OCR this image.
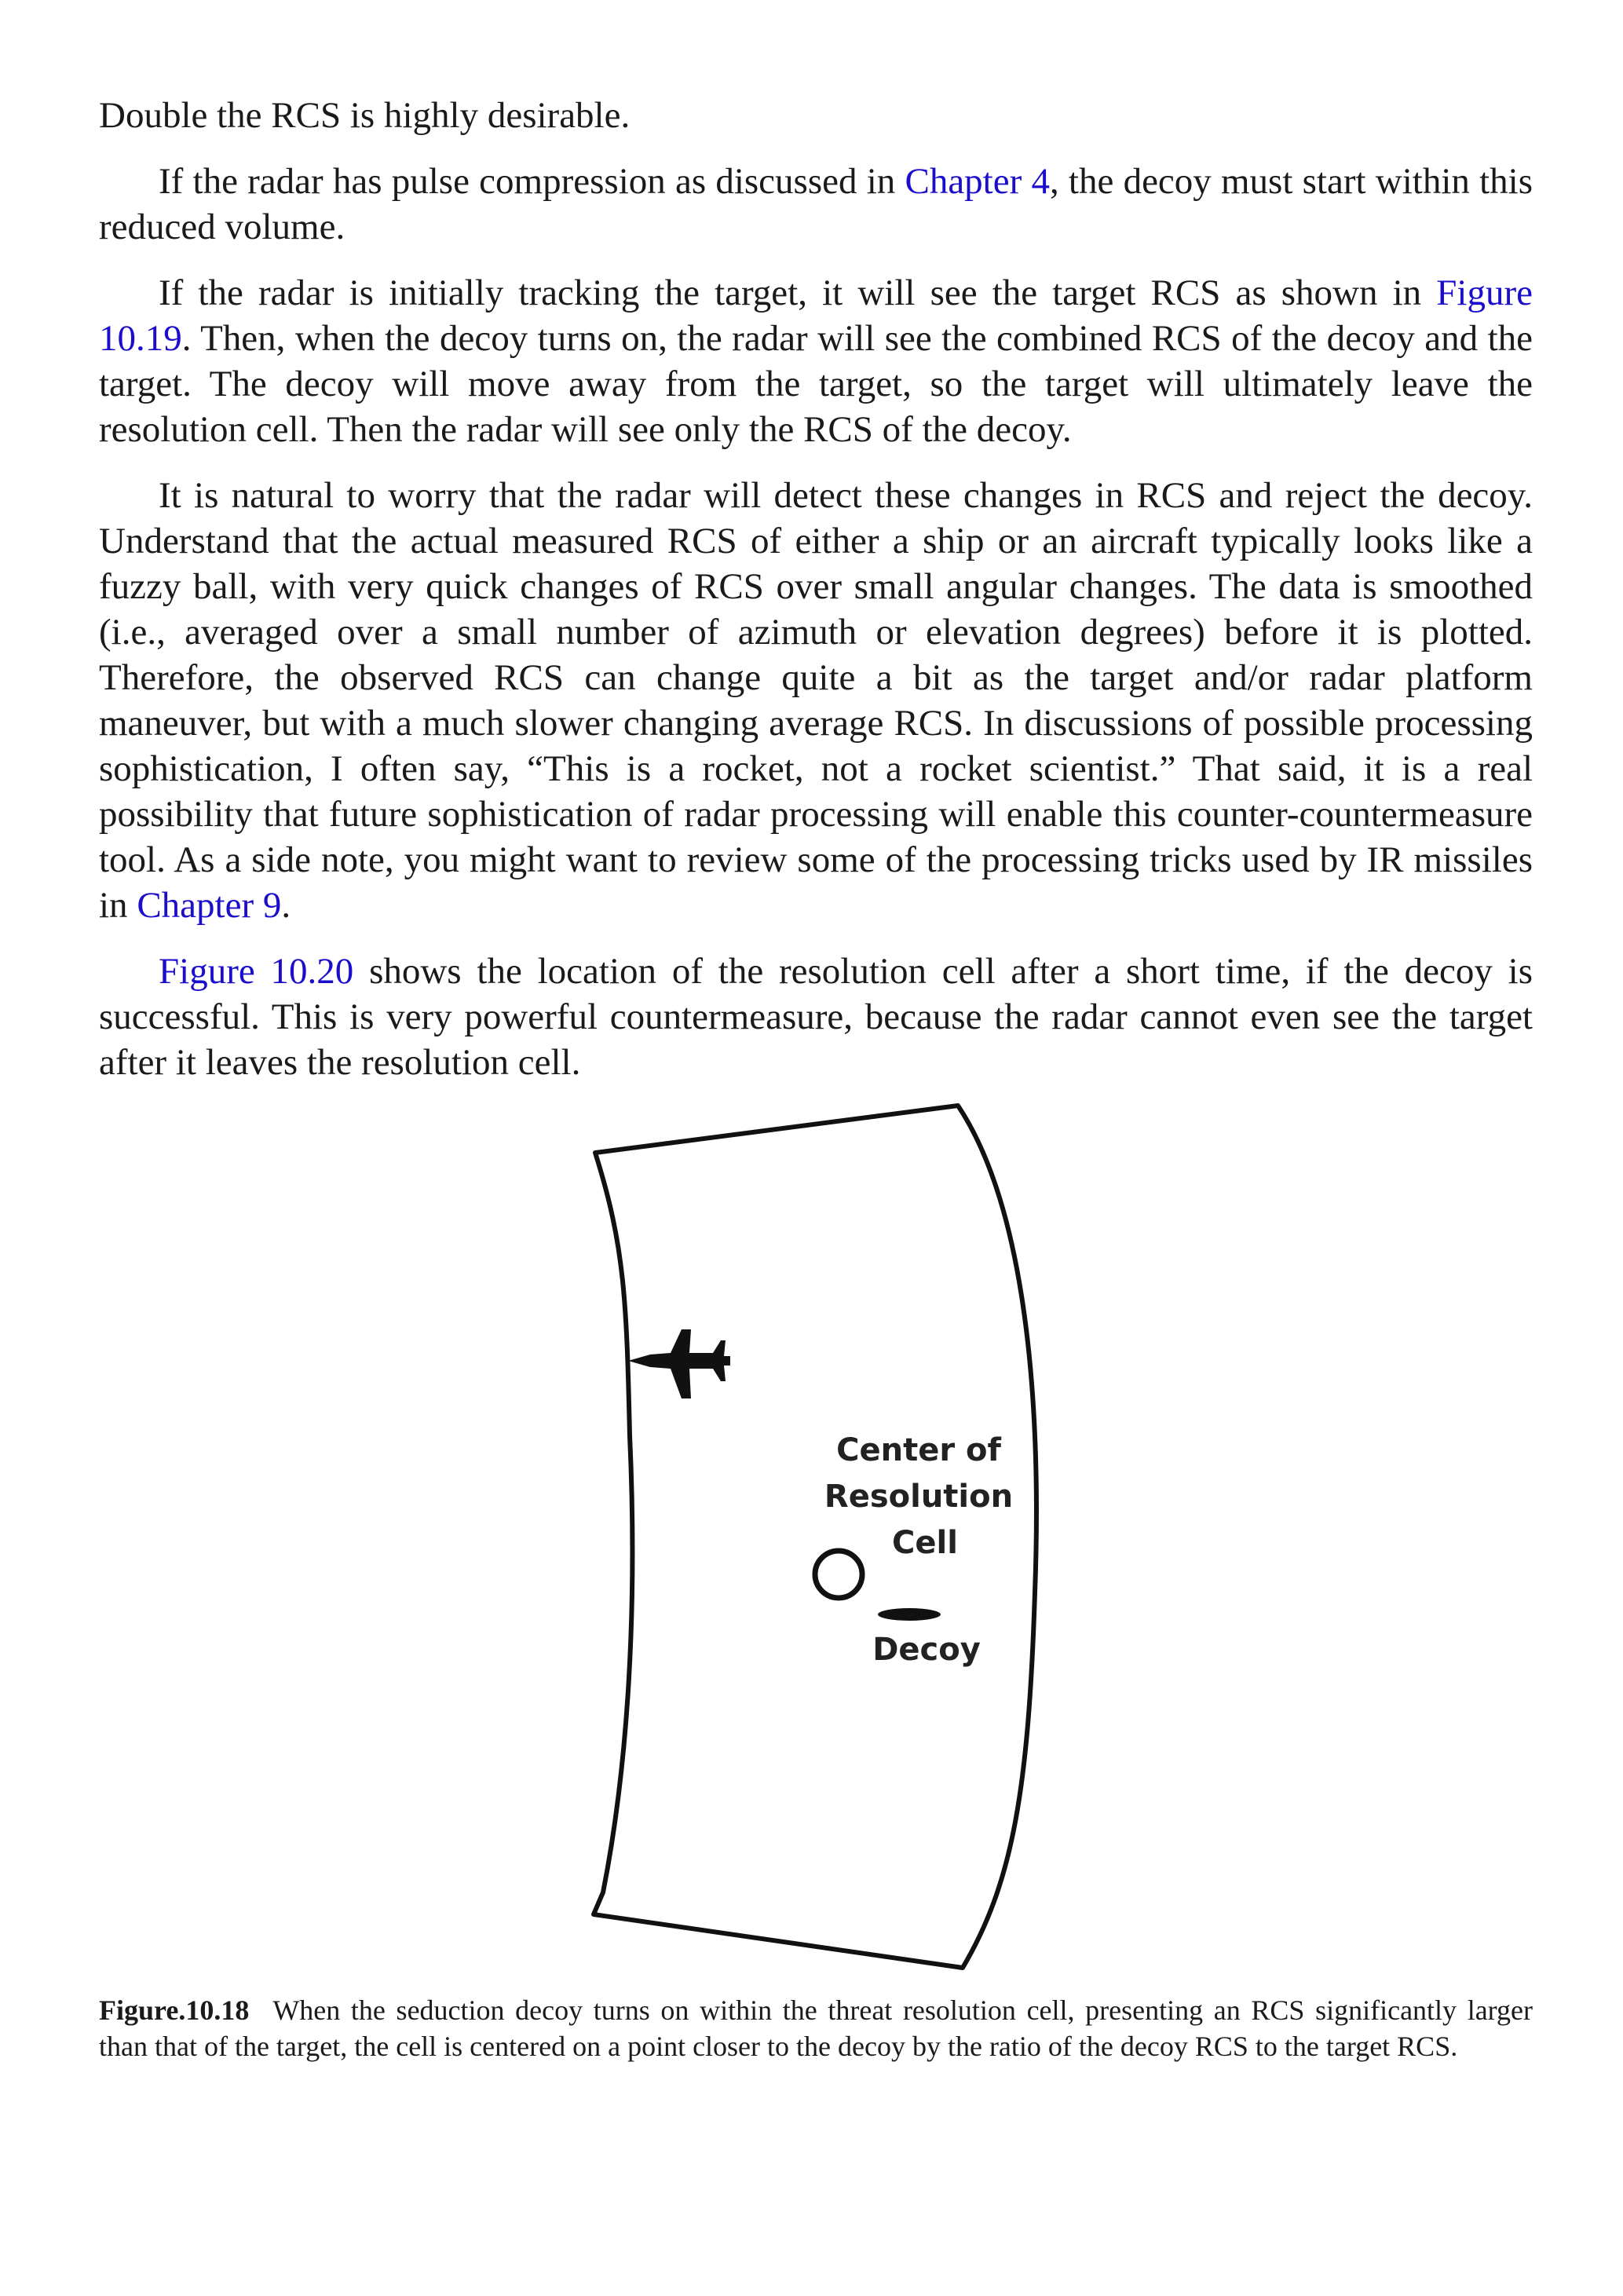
Double the RCS is highly desirable.

If the radar has pulse compression as discussed in Chapter 4, the decoy must start within this reduced volume.

If the radar is initially tracking the target, it will see the target RCS as shown in Figure 10.19. Then, when the decoy turns on, the radar will see the combined RCS of the decoy and the target. The decoy will move away from the target, so the target will ultimately leave the resolution cell. Then the radar will see only the RCS of the decoy.

It is natural to worry that the radar will detect these changes in RCS and reject the decoy. Understand that the actual measured RCS of either a ship or an aircraft typically looks like a fuzzy ball, with very quick changes of RCS over small angular changes. The data is smoothed (i.e., averaged over a small number of azimuth or elevation degrees) before it is plotted. Therefore, the observed RCS can change quite a bit as the target and/or radar platform maneuver, but with a much slower changing average RCS. In discussions of possible processing sophistication, I often say, “This is a rocket, not a rocket scientist.” That said, it is a real possibility that future sophistication of radar processing will enable this counter-countermeasure tool. As a side note, you might want to review some of the processing tricks used by IR missiles in Chapter 9.

Figure 10.20 shows the location of the resolution cell after a short time, if the decoy is successful. This is very powerful countermeasure, because the radar cannot even see the target after it leaves the resolution cell.

Center of
Resolution
Cell
Decoy
Figure.10.18 When the seduction decoy turns on within the threat resolution cell, presenting an RCS significantly larger than that of the target, the cell is centered on a point closer to the decoy by the ratio of the decoy RCS to the target RCS.
